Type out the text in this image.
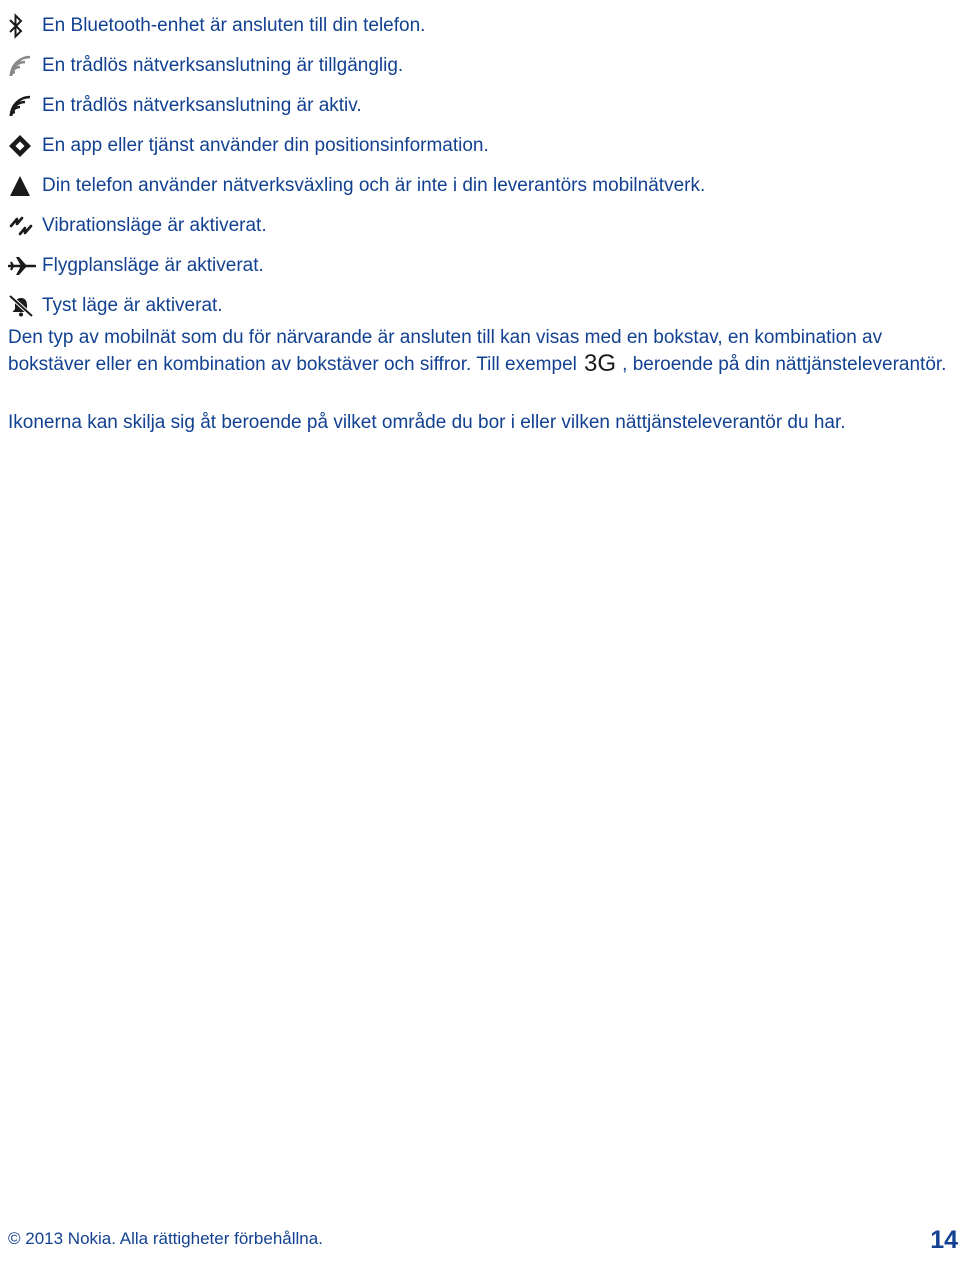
En Bluetooth-enhet är ansluten till din telefon.
En trådlös nätverksanslutning är tillgänglig.
En trådlös nätverksanslutning är aktiv.
En app eller tjänst använder din positionsinformation.
Din telefon använder nätverksväxling och är inte i din leverantörs mobilnätverk.
Vibrationsläge är aktiverat.
Flygplansläge är aktiverat.
Tyst läge är aktiverat.

Den typ av mobilnät som du för närvarande är ansluten till kan visas med en bokstav, en kombination av bokstäver eller en kombination av bokstäver och siffror. Till exempel 3G , beroende på din nättjänsteleverantör.

Ikonerna kan skilja sig åt beroende på vilket område du bor i eller vilken nättjänsteleverantör du har.

© 2013 Nokia. Alla rättigheter förbehållna.	14
